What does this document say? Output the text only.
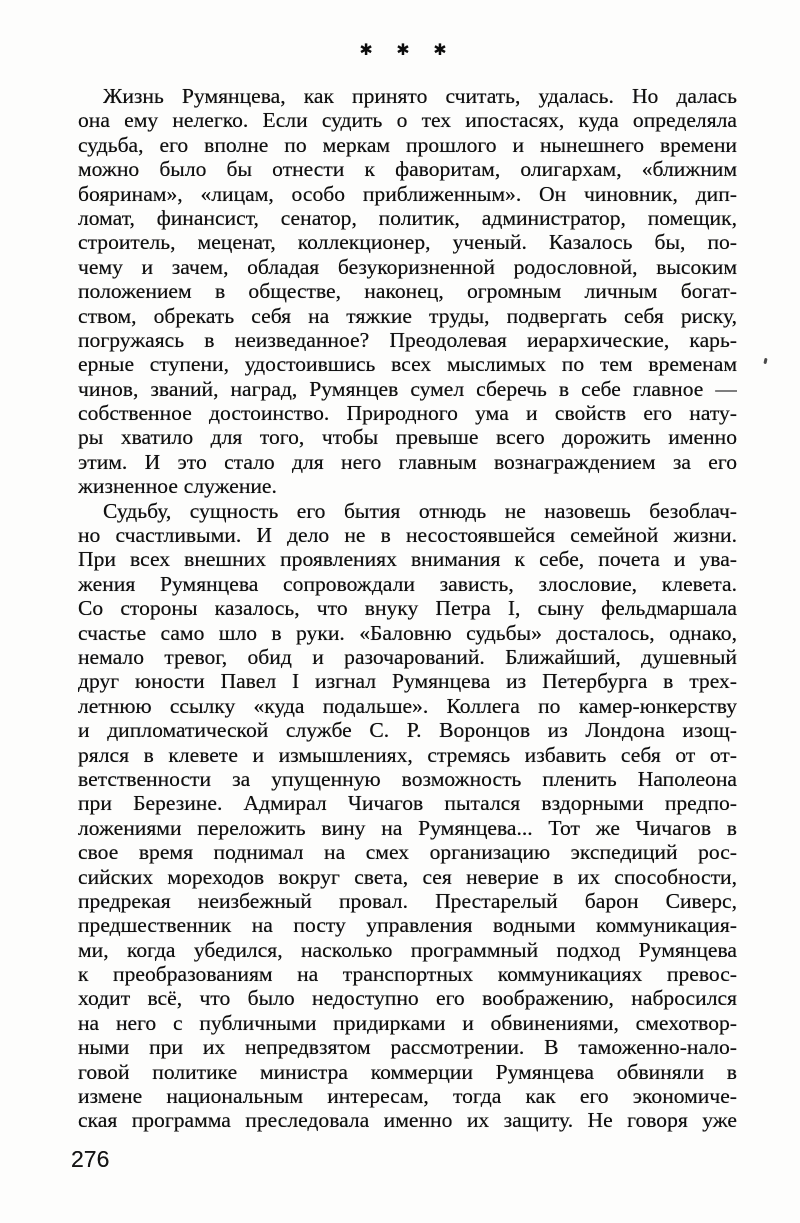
✱ ✱ ✱

Жизнь Румянцева, как принято считать, удалась. Но далась

она ему нелегко. Если судить о тех ипостасях, куда определяла

судьба, его вполне по меркам прошлого и нынешнего времени

можно было бы отнести к фаворитам, олигархам, «ближним

бояринам», «лицам, особо приближенным». Он чиновник, дип-

ломат, финансист, сенатор, политик, администратор, помещик,

строитель, меценат, коллекционер, ученый. Казалось бы, по-

чему и зачем, обладая безукоризненной родословной, высоким

положением в обществе, наконец, огромным личным богат-

ством, обрекать себя на тяжкие труды, подвергать себя риску,

погружаясь в неизведанное? Преодолевая иерархические, карь-

ерные ступени, удостоившись всех мыслимых по тем временам

чинов, званий, наград, Румянцев сумел сберечь в себе главное —

собственное достоинство. Природного ума и свойств его нату-

ры хватило для того, чтобы превыше всего дорожить именно

этим. И это стало для него главным вознаграждением за его

жизненное служение.

Судьбу, сущность его бытия отнюдь не назовешь безоблач-

но счастливыми. И дело не в несостоявшейся семейной жизни.

При всех внешних проявлениях внимания к себе, почета и ува-

жения Румянцева сопровождали зависть, злословие, клевета.

Со стороны казалось, что внуку Петра I, сыну фельдмаршала

счастье само шло в руки. «Баловню судьбы» досталось, однако,

немало тревог, обид и разочарований. Ближайший, душевный

друг юности Павел I изгнал Румянцева из Петербурга в трех-

летнюю ссылку «куда подальше». Коллега по камер-юнкерству

и дипломатической службе С. Р. Воронцов из Лондона изощ-

рялся в клевете и измышлениях, стремясь избавить себя от от-

ветственности за упущенную возможность пленить Наполеона

при Березине. Адмирал Чичагов пытался вздорными предпо-

ложениями переложить вину на Румянцева... Тот же Чичагов в

свое время поднимал на смех организацию экспедиций рос-

сийских мореходов вокруг света, сея неверие в их способности,

предрекая неизбежный провал. Престарелый барон Сиверс,

предшественник на посту управления водными коммуникация-

ми, когда убедился, насколько программный подход Румянцева

к преобразованиям на транспортных коммуникациях превос-

ходит всё, что было недоступно его воображению, набросился

на него с публичными придирками и обвинениями, смехотвор-

ными при их непредвзятом рассмотрении. В таможенно-нало-

говой политике министра коммерции Румянцева обвиняли в

измене национальным интересам, тогда как его экономиче-

ская программа преследовала именно их защиту. Не говоря уже

276
